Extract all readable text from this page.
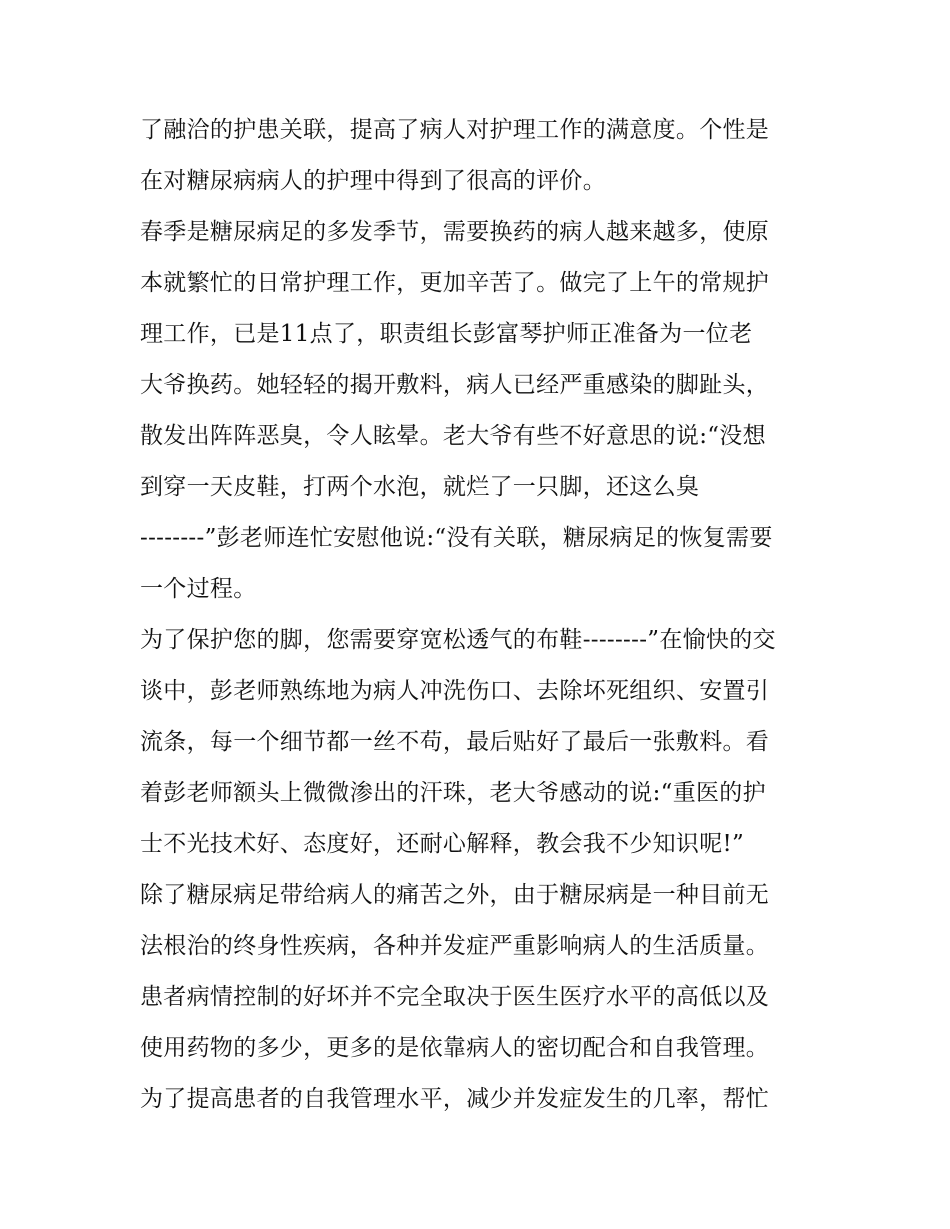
了融洽的护患关联，提高了病人对护理工作的满意度。个性是
在对糖尿病病人的护理中得到了很高的评价。
春季是糖尿病足的多发季节，需要换药的病人越来越多，使原
本就繁忙的日常护理工作，更加辛苦了。做完了上午的常规护
理工作，已是11点了，职责组长彭富琴护师正准备为一位老
大爷换药。她轻轻的揭开敷料，病人已经严重感染的脚趾头，
散发出阵阵恶臭，令人眩晕。老大爷有些不好意思的说:“没想
到穿一天皮鞋，打两个水泡，就烂了一只脚，还这么臭
--------”彭老师连忙安慰他说:“没有关联，糖尿病足的恢复需要
一个过程。
为了保护您的脚，您需要穿宽松透气的布鞋--------”在愉快的交
谈中，彭老师熟练地为病人冲洗伤口、去除坏死组织、安置引
流条，每一个细节都一丝不苟，最后贴好了最后一张敷料。看
着彭老师额头上微微渗出的汗珠，老大爷感动的说:“重医的护
士不光技术好、态度好，还耐心解释，教会我不少知识呢!”
除了糖尿病足带给病人的痛苦之外，由于糖尿病是一种目前无
法根治的终身性疾病，各种并发症严重影响病人的生活质量。
患者病情控制的好坏并不完全取决于医生医疗水平的高低以及
使用药物的多少，更多的是依靠病人的密切配合和自我管理。
为了提高患者的自我管理水平，减少并发症发生的几率，帮忙
